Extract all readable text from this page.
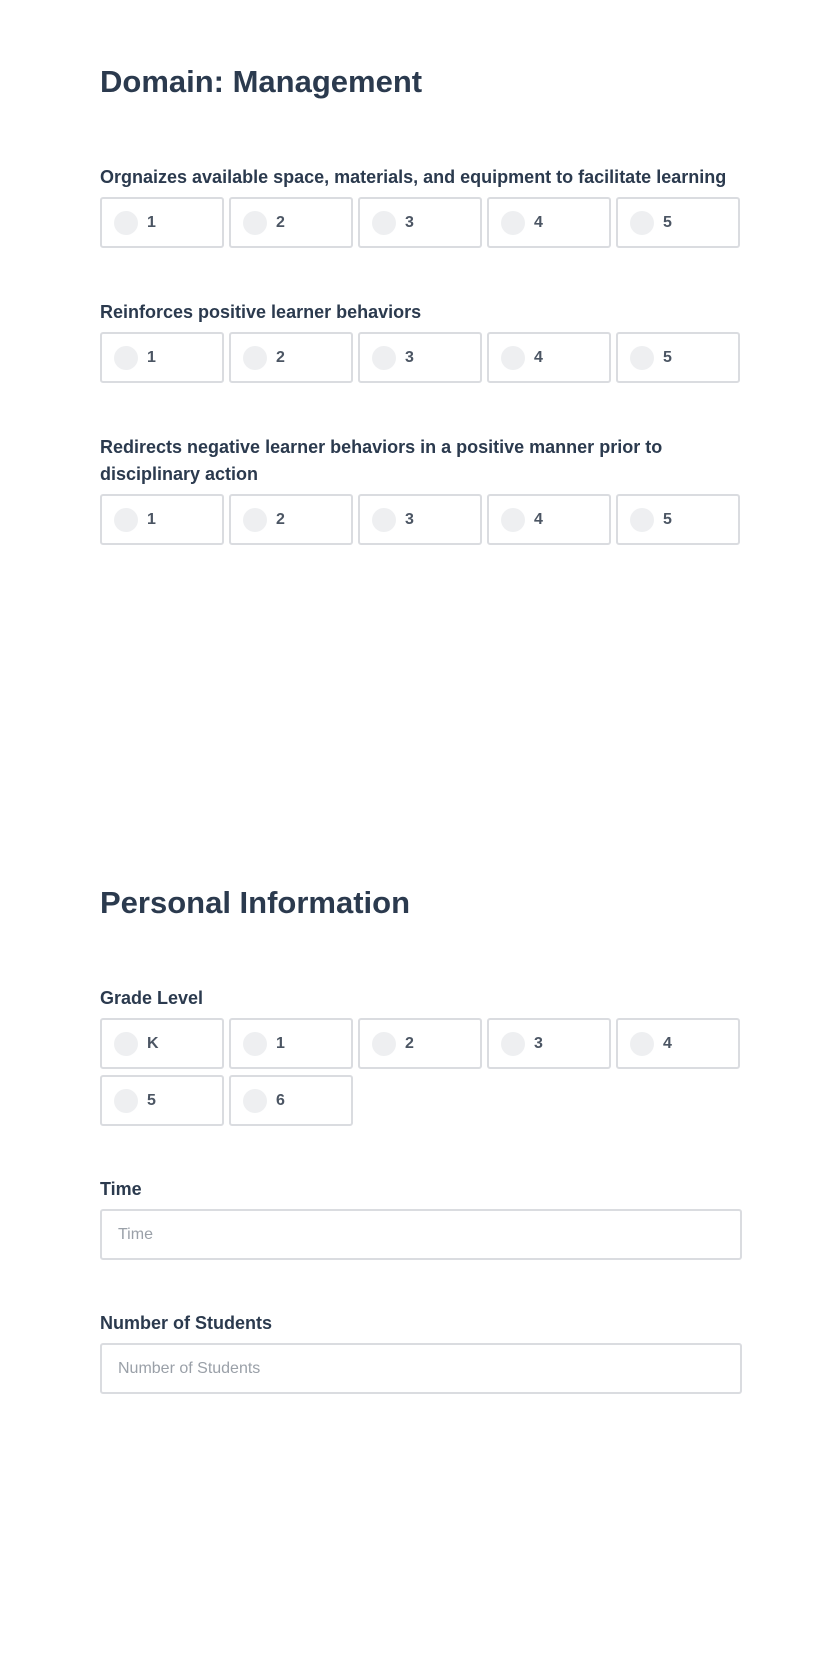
Domain: Management
Orgnaizes available space, materials, and equipment to facilitate learning
1	2	3	4	5
Reinforces positive learner behaviors
1	2	3	4	5
Redirects negative learner behaviors in a positive manner prior to disciplinary action
1	2	3	4	5
Personal Information
Grade Level
K	1	2	3	4
5	6
Time
Time
Number of Students
Number of Students
